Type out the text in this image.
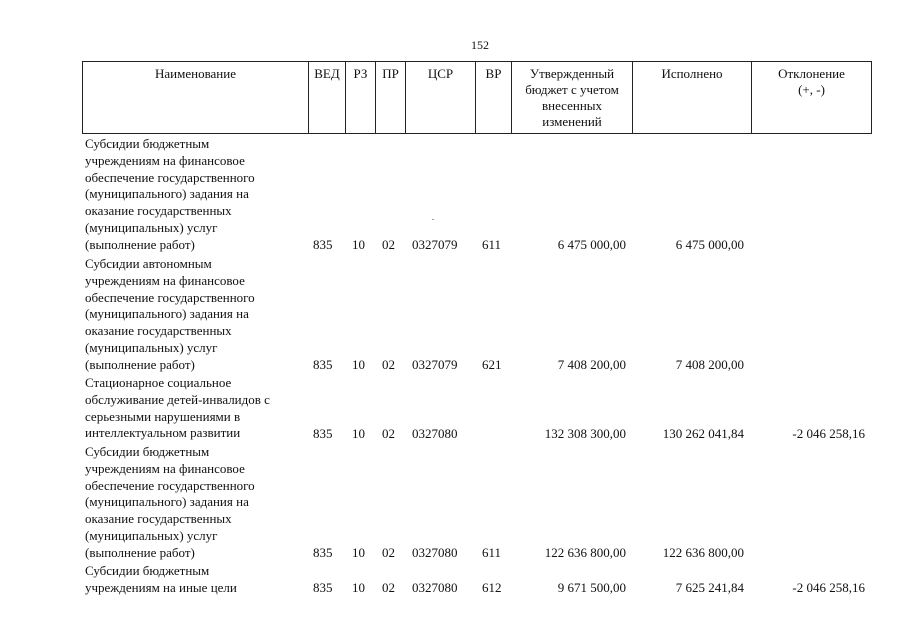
152
Наименование	ВЕД	РЗ	ПР	ЦСР	ВР	Утвержденный
бюджет с учетом
внесенных
изменений
Исполнено	Отклонение
(+, -)
Субсидии бюджетным
учреждениям на финансовое
обеспечение государственного
(муниципального) задания на
оказание государственных
(муниципальных) услуг
(выполнение работ)	835 10 02 0327079 611	6 475 000,00	6 475 000,00
Субсидии автономным
учреждениям на финансовое
обеспечение государственного
(муниципального) задания на
оказание государственных
(муниципальных) услуг
(выполнение работ)	835 10 02 0327079 621	7 408 200,00	7 408 200,00
Стационарное социальное
обслуживание детей-инвалидов с
серьезными нарушениями в
интеллектуальном развитии	835 10 02 0327080	132 308 300,00	130 262 041,84	-2 046 258,16
Субсидии бюджетным
учреждениям на финансовое
обеспечение государственного
(муниципального) задания на
оказание государственных
(муниципальных) услуг
(выполнение работ)	835 10 02 0327080 611	122 636 800,00	122 636 800,00
Субсидии бюджетным
учреждениям на иные цели	835 10 02 0327080 612	9 671 500,00	7 625 241,84	-2 046 258,16
